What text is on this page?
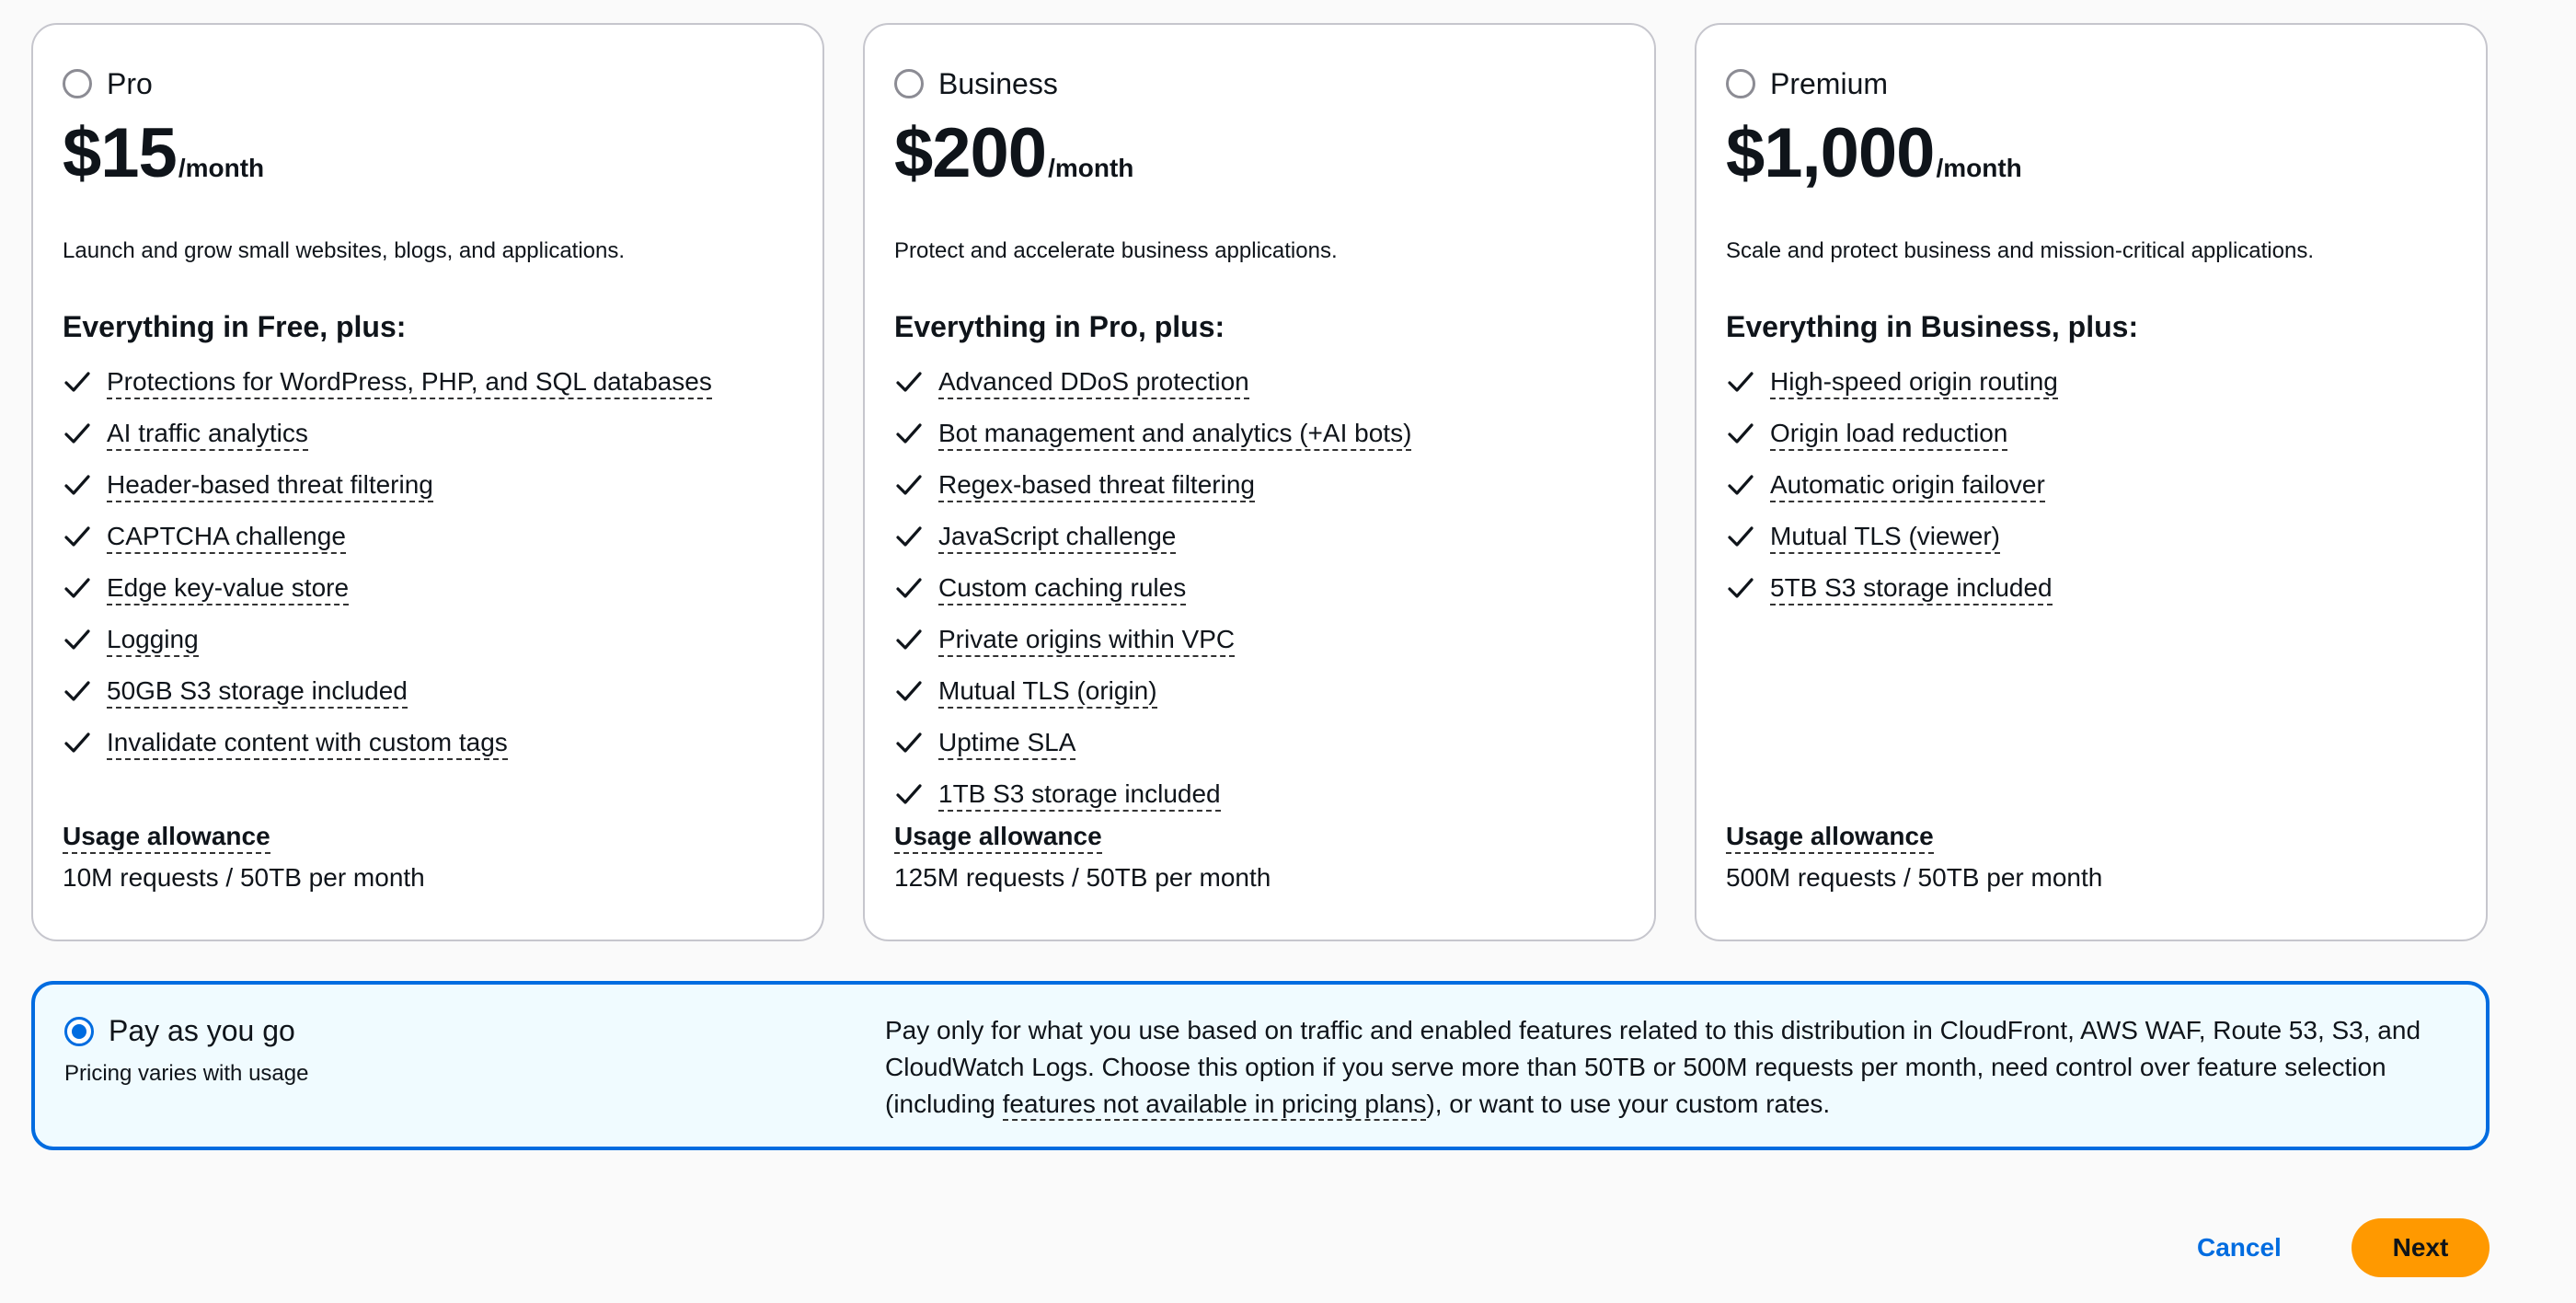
Pro
$15 /month
Launch and grow small websites, blogs, and applications.
Everything in Free, plus:
Protections for WordPress, PHP, and SQL databases
AI traffic analytics
Header-based threat filtering
CAPTCHA challenge
Edge key-value store
Logging
50GB S3 storage included
Invalidate content with custom tags
Usage allowance
10M requests / 50TB per month
Business
$200 /month
Protect and accelerate business applications.
Everything in Pro, plus:
Advanced DDoS protection
Bot management and analytics (+AI bots)
Regex-based threat filtering
JavaScript challenge
Custom caching rules
Private origins within VPC
Mutual TLS (origin)
Uptime SLA
1TB S3 storage included
Usage allowance
125M requests / 50TB per month
Premium
$1,000 /month
Scale and protect business and mission-critical applications.
Everything in Business, plus:
High-speed origin routing
Origin load reduction
Automatic origin failover
Mutual TLS (viewer)
5TB S3 storage included
Usage allowance
500M requests / 50TB per month
Pay as you go
Pricing varies with usage
Pay only for what you use based on traffic and enabled features related to this distribution in CloudFront, AWS WAF, Route 53, S3, and CloudWatch Logs. Choose this option if you serve more than 50TB or 500M requests per month, need control over feature selection (including features not available in pricing plans), or want to use your custom rates.
Cancel	Next
